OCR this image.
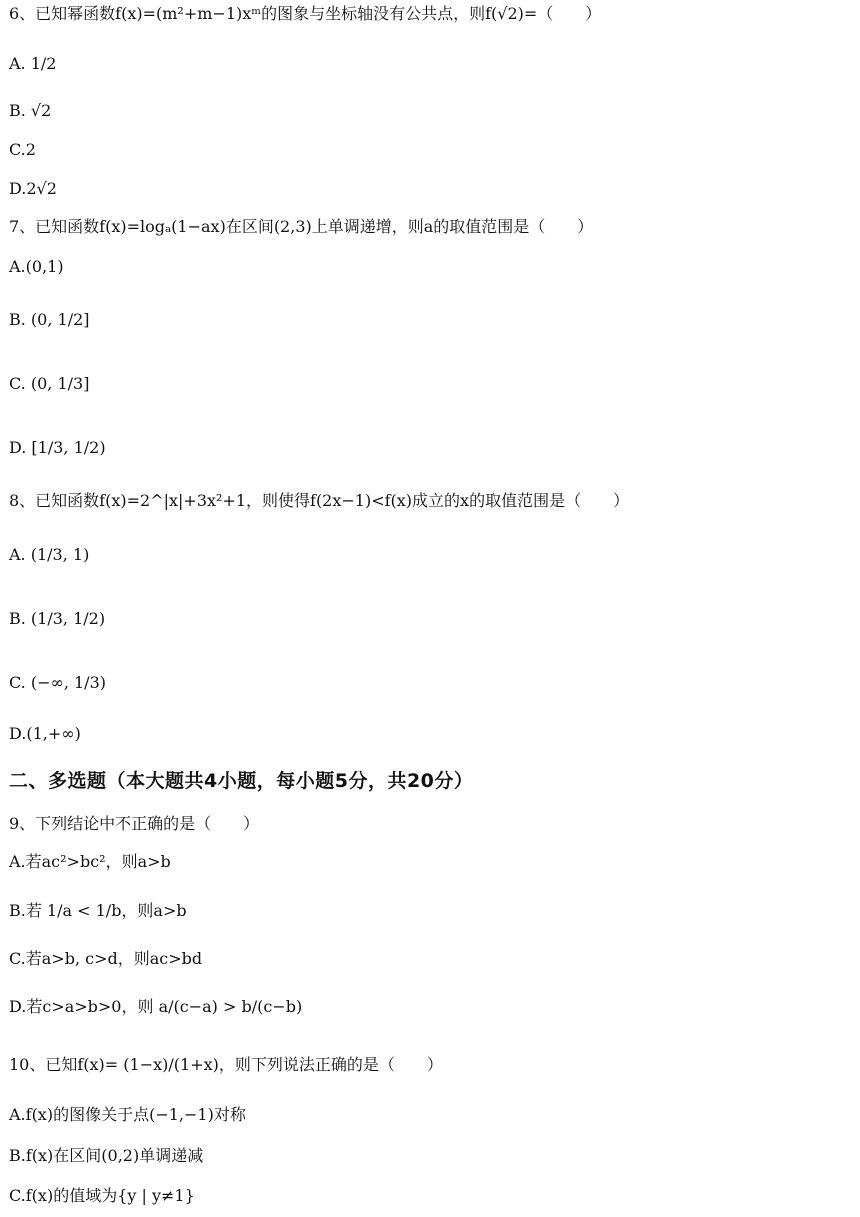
6、已知幂函数f(x)=(m²+m−1)xᵐ的图象与坐标轴没有公共点，则f(√2)=（　　）
A. 1/2
B. √2
C.2
D.2√2
7、已知函数f(x)=logₐ(1−ax)在区间(2,3)上单调递增，则a的取值范围是（　　）
A.(0,1)
B. (0, 1/2]
C. (0, 1/3]
D. [1/3, 1/2)
8、已知函数f(x)=2^|x|+3x²+1，则使得f(2x−1)<f(x)成立的x的取值范围是（　　）
A. (1/3, 1)
B. (1/3, 1/2)
C. (−∞, 1/3)
D.(1,+∞)
二、多选题（本大题共4小题，每小题5分，共20分）
9、下列结论中不正确的是（　　）
A.若ac²>bc²，则a>b
B.若 1/a < 1/b，则a>b
C.若a>b, c>d，则ac>bd
D.若c>a>b>0，则 a/(c−a) > b/(c−b)
10、已知f(x)= (1−x)/(1+x)，则下列说法正确的是（　　）
A.f(x)的图像关于点(−1,−1)对称
B.f(x)在区间(0,2)单调递减
C.f(x)的值域为{y | y≠1}
